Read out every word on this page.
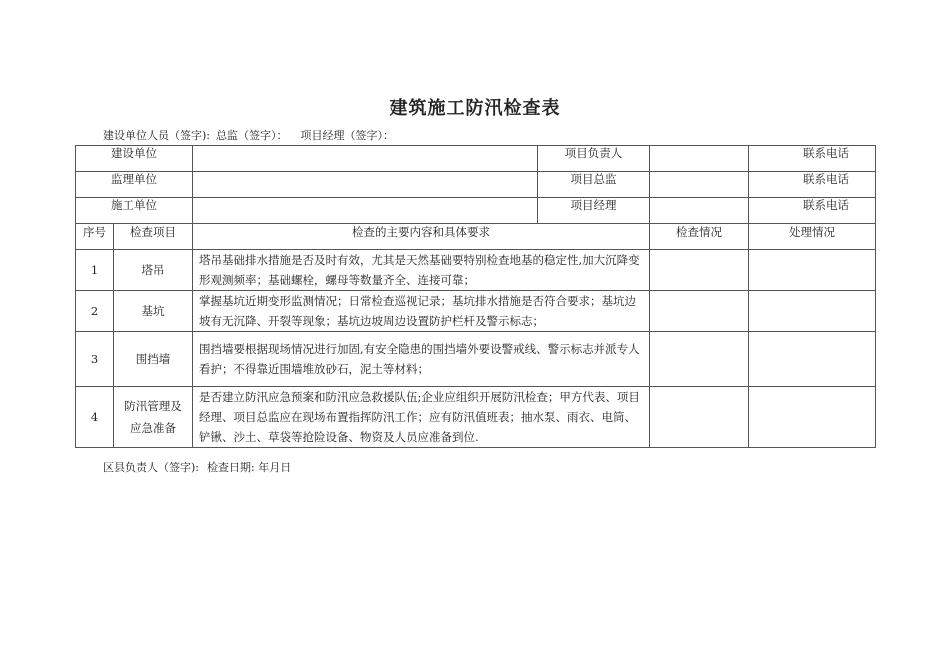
建筑施工防汛检查表
建设单位人员（签字): 总监（签字）： 项目经理（签字）：
建设单位			项目负责人	联系电话	
监理单位			项目总监	联系电话	
施工单位			项目经理	联系电话	
序号	检查项目	检查的主要内容和具体要求		检查情况	处理情况
1	塔吊	塔吊基础排水措施是否及时有效，尤其是天然基础要特别检查地基的稳定性,加大沉降变形观测频率；基础螺栓，螺母等数量齐全、连接可靠；			
2	基坑	掌握基坑近期变形监测情况；日常检查巡视记录；基坑排水措施是否符合要求；基坑边坡有无沉降、开裂等现象；基坑边坡周边设置防护栏杆及警示标志；			
3	围挡墙	围挡墙要根据现场情况进行加固,有安全隐患的围挡墙外要设警戒线、警示标志并派专人看护；不得靠近围墙堆放砂石，泥土等材料；			
4	防汛管理及应急准备	是否建立防汛应急预案和防汛应急救援队伍;企业应组织开展防汛检查；甲方代表、项目经理、项目总监应在现场布置指挥防汛工作；应有防汛值班表；抽水泵、雨衣、电筒、铲锹、沙土、草袋等抢险设备、物资及人员应准备到位.			
区县负责人（签字): 检查日期: 年月日
